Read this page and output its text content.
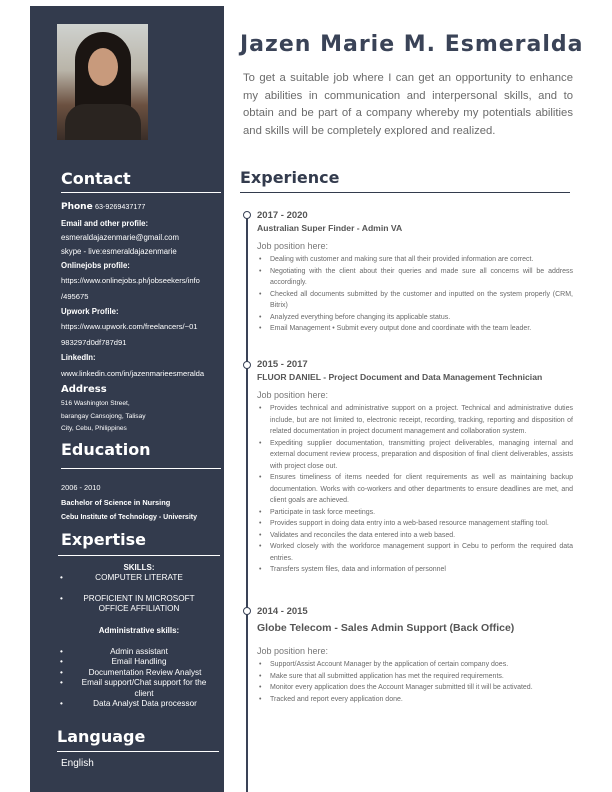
Contact
Phone 63-9269437177
Email and other profile:
esmeraldajazenmarie@gmail.com
skype - live:esmeraldajazenmarie
Onlinejobs profile:
https://www.onlinejobs.ph/jobseekers/info
/495675
Upwork Profile:
https://www.upwork.com/freelancers/~01
983297d0df787d91
LinkedIn:
www.linkedin.com/in/jazenmarieesmeralda
Address
516 Washington Street,
barangay Cansojong, Talisay
City, Cebu, Philippines
Education
2006 - 2010
Bachelor of Science in Nursing
Cebu Institute of Technology - University
Expertise
SKILLS:
• COMPUTER LITERATE
• PROFICIENT IN MICROSOFT OFFICE AFFILIATION
Administrative skills:
• Admin assistant
• Email Handling
• Documentation Review Analyst
• Email support/Chat support for the client
• Data Analyst Data processor
Language
English
Jazen Marie M. Esmeralda
To get a suitable job where I can get an opportunity to enhance my abilities in communication and interpersonal skills, and to obtain and be part of a company whereby my potentials abilities and skills will be completely explored and realized.
Experience
2017 - 2020
Australian Super Finder - Admin VA
Job position here:
• Dealing with customer and making sure that all their provided information are correct.
• Negotiating with the client about their queries and made sure all concerns will be address accordingly.
• Checked all documents submitted by the customer and inputted on the system properly (CRM, Bitrix)
• Analyzed everything before changing its applicable status.
• Email Management • Submit every output done and coordinate with the team leader.
2015 - 2017
FLUOR DANIEL - Project Document and Data Management Technician
Job position here:
• Provides technical and administrative support on a project. Technical and administrative duties include, but are not limited to, electronic receipt, recording, tracking, reporting and disposition of related documentation in project document management and collaboration system.
• Expediting supplier documentation, transmitting project deliverables, managing internal and external document review process, preparation and disposition of final client deliverables, assists with project close out.
• Ensures timeliness of items needed for client requirements as well as maintaining backup documentation. Works with co-workers and other departments to ensure deadlines are met, and client goals are achieved.
• Participate in task force meetings.
• Provides support in doing data entry into a web-based resource management staffing tool.
• Validates and reconciles the data entered into a web based.
• Worked closely with the workforce management support in Cebu to perform the required data entries.
• Transfers system files, data and information of personnel
2014 - 2015
Globe Telecom - Sales Admin Support (Back Office)
Job position here:
• Support/Assist Account Manager by the application of certain company does.
• Make sure that all submitted application has met the required requirements.
• Monitor every application does the Account Manager submitted till it will be activated.
• Tracked and report every application done.
